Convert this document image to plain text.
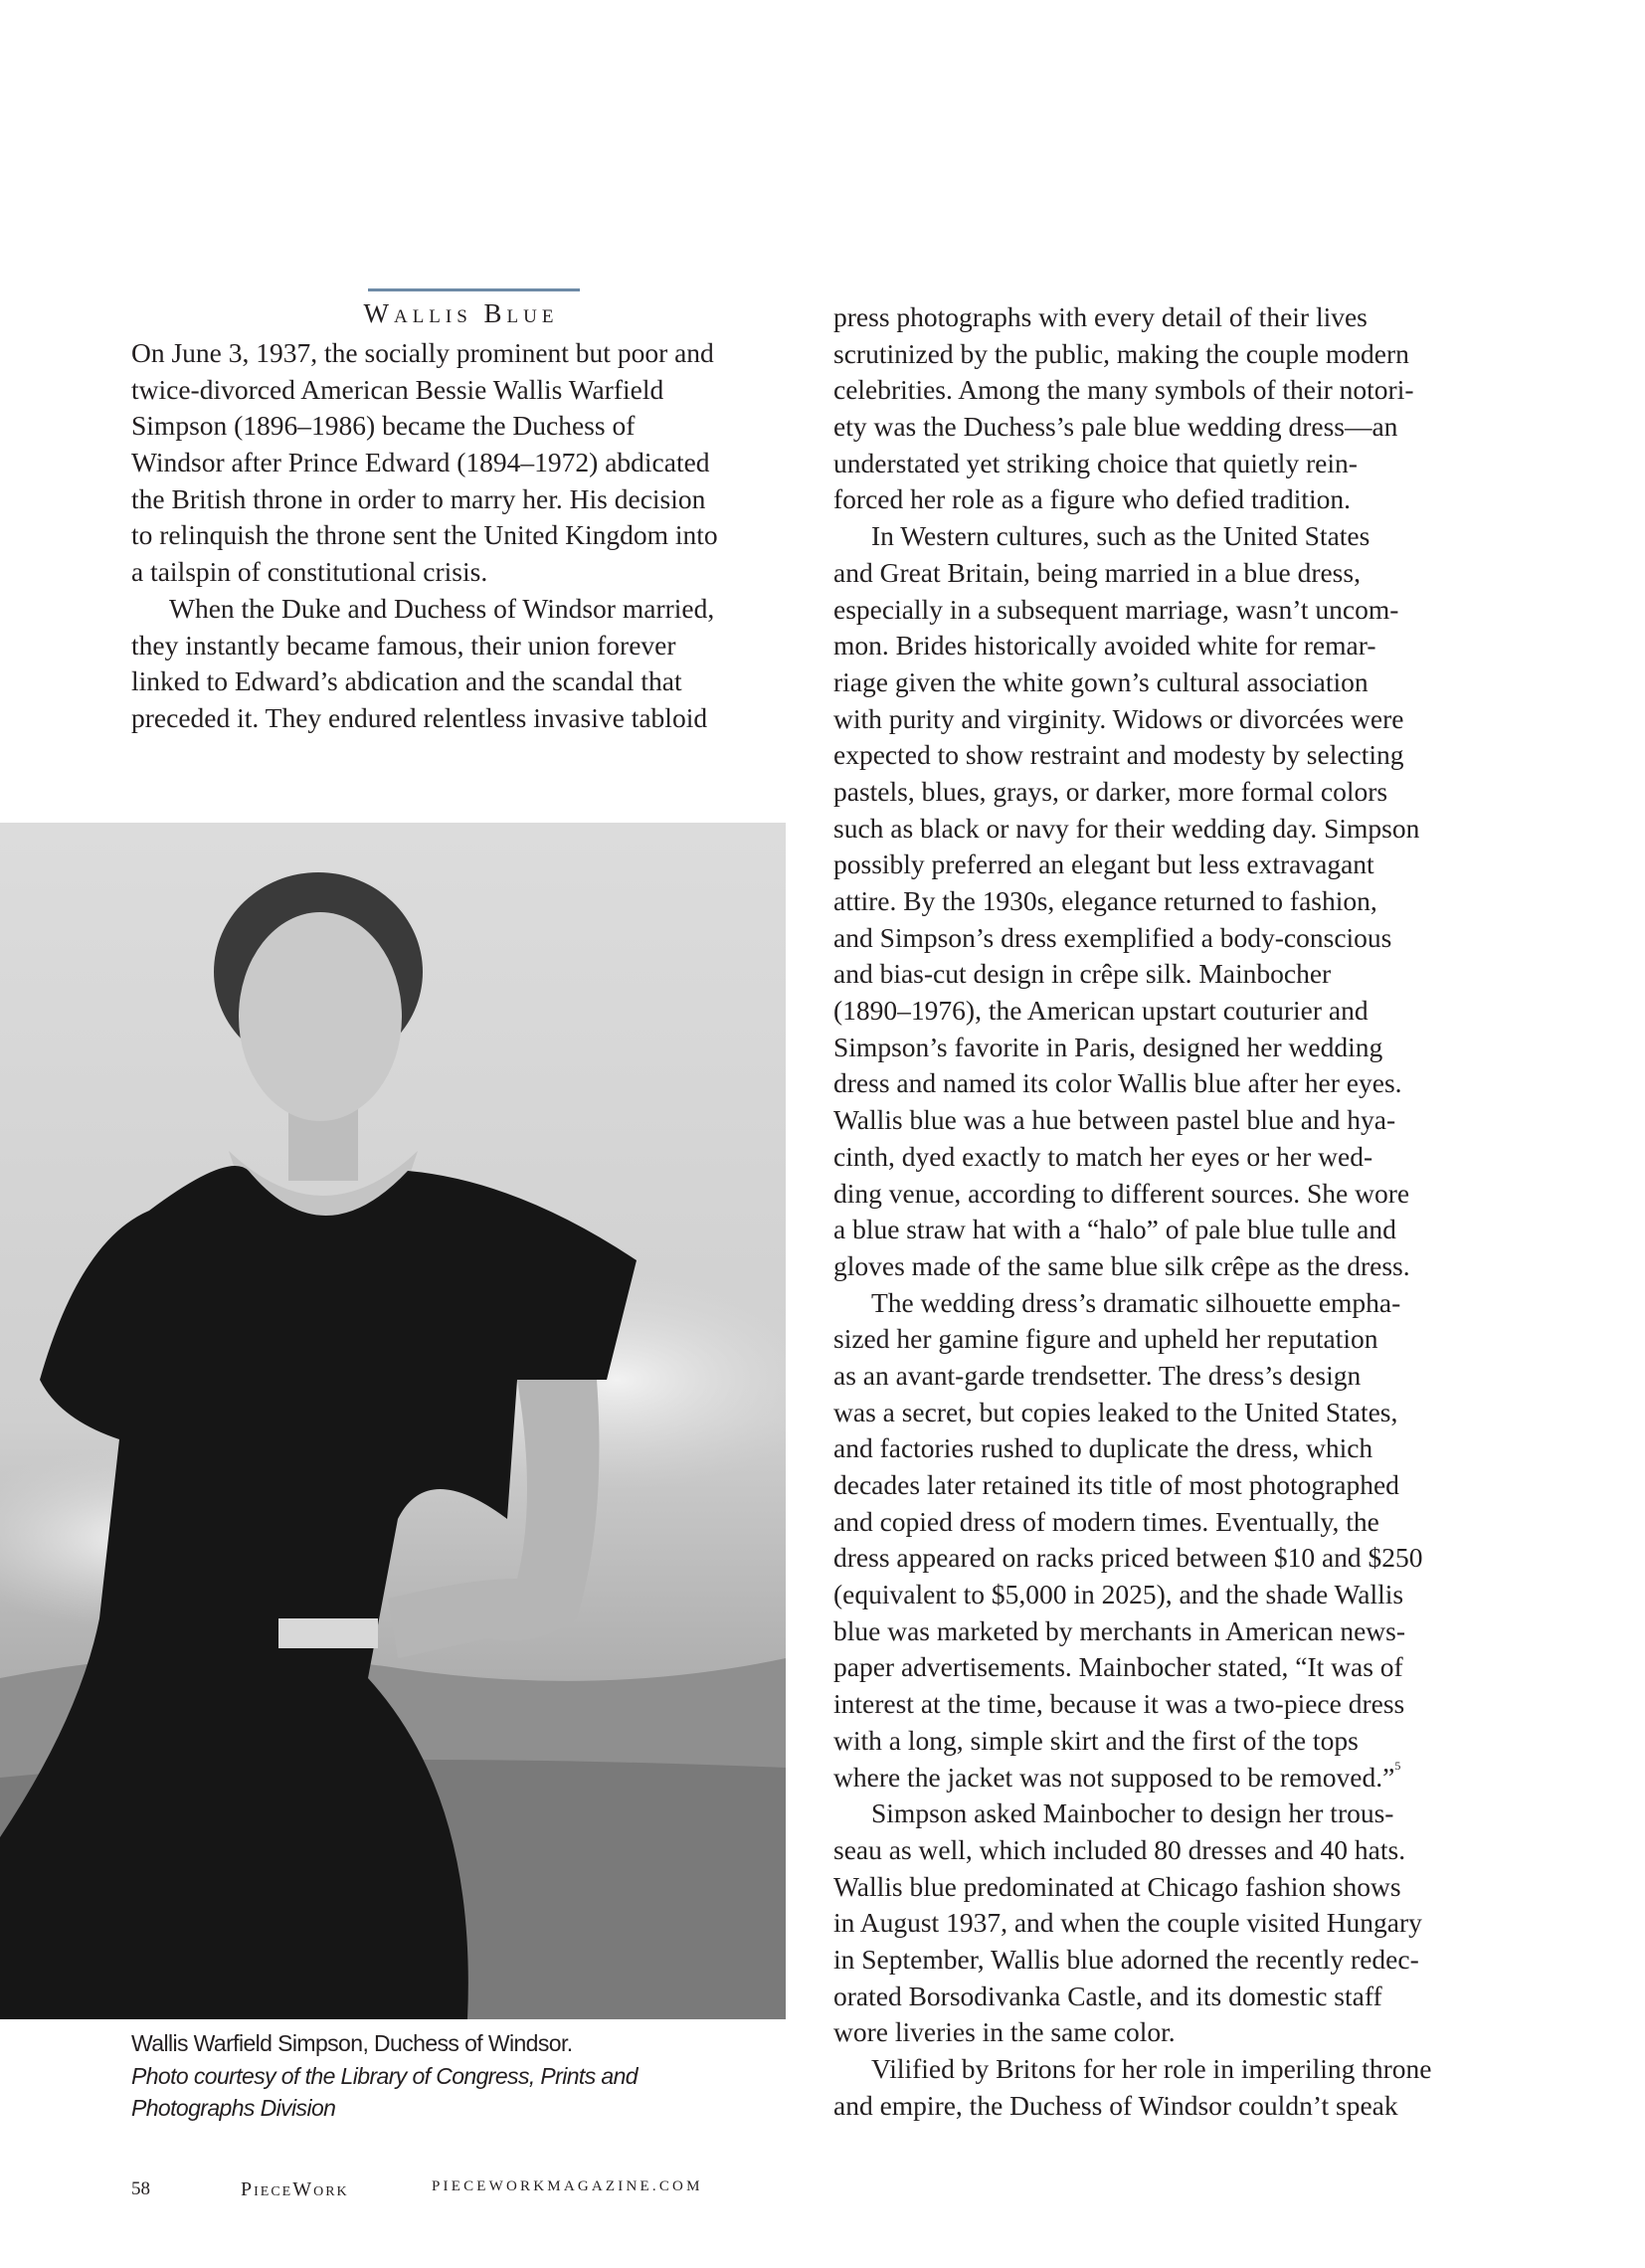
Wallis Blue
On June 3, 1937, the socially prominent but poor and
twice-divorced American Bessie Wallis Warfield
Simpson (1896–1986) became the Duchess of
Windsor after Prince Edward (1894–1972) abdicated
the British throne in order to marry her. His decision
to relinquish the throne sent the United Kingdom into
a tailspin of constitutional crisis.
When the Duke and Duchess of Windsor married,
they instantly became famous, their union forever
linked to Edward’s abdication and the scandal that
preceded it. They endured relentless invasive tabloid
press photographs with every detail of their lives
scrutinized by the public, making the couple modern
celebrities. Among the many symbols of their notori-
ety was the Duchess’s pale blue wedding dress—an
understated yet striking choice that quietly rein-
forced her role as a figure who defied tradition.
In Western cultures, such as the United States
and Great Britain, being married in a blue dress,
especially in a subsequent marriage, wasn’t uncom-
mon. Brides historically avoided white for remar-
riage given the white gown’s cultural association
with purity and virginity. Widows or divorcées were
expected to show restraint and modesty by selecting
pastels, blues, grays, or darker, more formal colors
such as black or navy for their wedding day. Simpson
possibly preferred an elegant but less extravagant
attire. By the 1930s, elegance returned to fashion,
and Simpson’s dress exemplified a body-conscious
and bias-cut design in crêpe silk. Mainbocher
(1890–1976), the American upstart couturier and
Simpson’s favorite in Paris, designed her wedding
dress and named its color Wallis blue after her eyes.
Wallis blue was a hue between pastel blue and hya-
cinth, dyed exactly to match her eyes or her wed-
ding venue, according to different sources. She wore
a blue straw hat with a “halo” of pale blue tulle and
gloves made of the same blue silk crêpe as the dress.
The wedding dress’s dramatic silhouette empha-
sized her gamine figure and upheld her reputation
as an avant-garde trendsetter. The dress’s design
was a secret, but copies leaked to the United States,
and factories rushed to duplicate the dress, which
decades later retained its title of most photographed
and copied dress of modern times. Eventually, the
dress appeared on racks priced between $10 and $250
(equivalent to $5,000 in 2025), and the shade Wallis
blue was marketed by merchants in American news-
paper advertisements. Mainbocher stated, “It was of
interest at the time, because it was a two-piece dress
with a long, simple skirt and the first of the tops
where the jacket was not supposed to be removed.”$^5$
Simpson asked Mainbocher to design her trous-
seau as well, which included 80 dresses and 40 hats.
Wallis blue predominated at Chicago fashion shows
in August 1937, and when the couple visited Hungary
in September, Wallis blue adorned the recently redec-
orated Borsodivanka Castle, and its domestic staff
wore liveries in the same color.
Vilified by Britons for her role in imperiling throne
and empire, the Duchess of Windsor couldn’t speak
Wallis Warfield Simpson, Duchess of Windsor.
Photo courtesy of the Library of Congress, Prints and
Photographs Division
58	PieceWork	PIECEWORKMAGAZINE.COM
